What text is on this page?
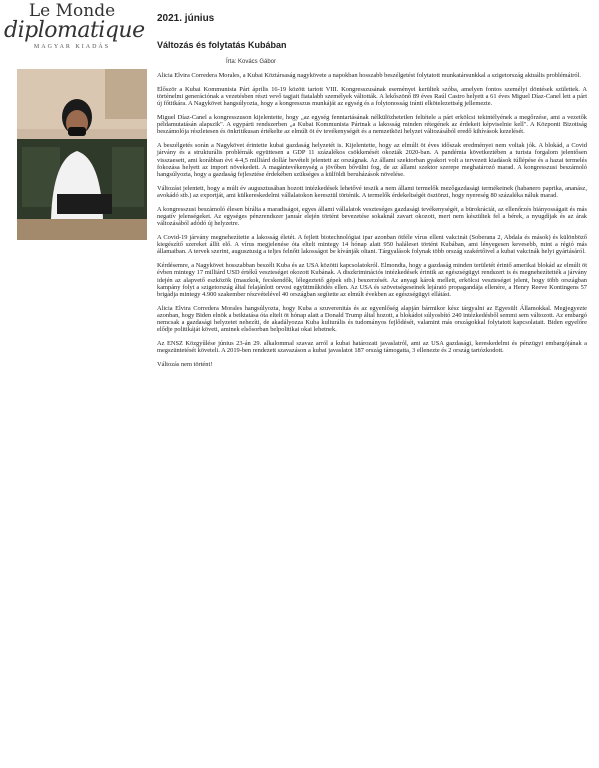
Le Monde
diplomatique
MAGYAR KIADÁS
2021. június
Változás és folytatás Kubában
Írta: Kovács Gábor

Alicia Elvira Corredera Morales, a Kubai Köztársaság nagykövete a napokban hosszabb beszélgetést folytatott munkatársunkkal a szigetország aktuális problémáiról.

Először a Kubai Kommunista Párt április 16-19 között tartott VIII. Kongresszusának eseményei kerültek szóba, amelyen fontos személyi döntések születtek. A történelmi generációnak a vezetésben részt vevő tagjait fiatalabb személyek váltották. A lekőszönő 89 éves Raúl Castro helyett a 61 éves Miguel Díaz-Canel lett a párt új főtitkára. A Nagykövet hangsúlyozta, hogy a kongresszus munkáját az egység és a folytonosság iránti elkötelezettség jellemezte.

Miguel Díaz-Canel a kongresszuson kijelentette, hogy „az egység fenntartásának nélkülözhetetlen feltétele a párt erkölcsi tekintélyének a megőrzése, ami a vezetők példamutatásán alapszik". A egypárti rendszerben „a Kubai Kommunista Pártnak a lakosság minden rétegének az érdekeit képviselnie kell". A Központi Bizottság beszámolója részletesen és önkritikusan értékelte az elmúlt öt év tevékenységét és a nemzetközi helyzet változásából eredő kihívások kezelését.

A beszélgetés során a Nagykövet érintette kubai gazdaság helyzetét is. Kijelentette, hogy az elmúlt öt éves időszak eredményei nem voltak jók. A blokád, a Covid járvány és a strukturális problémák együttesen a GDP 11 százalékos csökkenését okozták 2020-ban. A pandémia következtében a turista forgalom jelentősen visszaesett, ami korábban évi 4-4,5 milliárd dollár bevételt jelentett az országnak. Az állami szektorban gyakori volt a tervezett kiadások túllépése és a hazai termelés fokozása helyett az import növekedett. A magántevékenység a jövőben bővülni fog, de az állami szektor szerepe meghatározó marad. A kongresszusi beszámoló hangsúlyozta, hogy a gazdaság fejlesztése érdekében szükséges a külföldi beruházások növelése.

Változást jelentett, hogy a múlt év augusztusában hozott intézkedések lehetővé teszik a nem állami termelők mezőgazdasági termékeinek (habanero paprika, ananász, avokádó stb.) az exportját, ami külkereskedelmi vállalatokon keresztül történik. A termelők érdekeltségét ösztönzi, hogy nyereség 80 százaléka náluk marad.

A kongresszusi beszámoló élesen bírálta a maradiságot, egyes állami vállalatok veszteséges gazdasági tevékenységét, a bürokráciát, az ellenőrzés hiányosságait és más negatív jelenségeket. Az egységes pénzrendszer január elején történt bevezetése sokaknál zavart okozott, mert nem készültek fel a bérek, a nyugdíjak és az árak változásából adódó új helyzetre.

A Covid-19 járvány megnehezítette a lakosság életét. A fejlett biotechnológiai ipar azonban ötféle vírus elleni vakcinát (Soberana 2, Abdala és mások) és különböző kiegészítő szereket állít elő. A vírus megjelenése óta eltelt mintegy 14 hónap alatt 950 haláleset történt Kubában, ami lényegesen kevesebb, mint a régió más államaiban. A tervek szerint, augusztusig a teljes felnőtt lakosságot be kívánják oltani. Tárgyalások folynak több ország szakértőivel a kubai vakcinák helyi gyártásáról.

Kérdésemre, a Nagykövet hosszabban beszélt Kuba és az USA közötti kapcsolatokról. Elmondta, hogy a gazdaság minden területét érintő amerikai blokád az elmúlt öt évben mintegy 17 milliárd USD értékű veszteséget okozott Kubának. A diszkriminációs intézkedések érintik az egészségügyi rendszert is és megnehezítették a járvány idején az alapvető eszközök (maszkok, fecskendők, lélegeztető gépek stb.) beszerzését. Az anyagi károk mellett, erkölcsi veszteséget jelent, hogy több országban kampány folyt a szigetország által felajánlott orvosi együttműködés ellen. Az USA és szövetségeseinek lejárató propagandája ellenére, a Henry Reeve Kontingens 57 brigádja mintegy 4.900 szakember részvételével 40 országban segítette az elmúlt években az egészségügyi ellátást.

Alicia Elvira Corredera Morales hangsúlyozta, hogy Kuba a szuverenitás és az egyenlőség alapján bármikor kész tárgyalni az Egyesült Államokkal. Megjegyezte azonban, hogy Biden elnök a beiktatása óta eltelt öt hónap alatt a Donald Trump által hozott, a blokádot súlyosbító 240 intézkedésből semmi sem változott. Az embargó nemcsak a gazdasági helyzetet nehezíti, de akadályozza Kuba kulturális és tudományos fejlődését, valamint más országokkal folytatott kapcsolatait. Biden egyelőre elődje politikáját követi, aminek elsősorban belpolitikai okai lehetnek.

Az ENSZ Közgyűlése június 23-án 29. alkalommal szavaz arról a kubai határozati javaslatról, ami az USA gazdasági, kereskedelmi és pénzügyi embargójának a megszüntetését követeli. A 2019-ben rendezett szavazáson a kubai javaslatot 187 ország támogatta, 3 ellenezte és 2 ország tartózkodott.

Változás nem történt!
